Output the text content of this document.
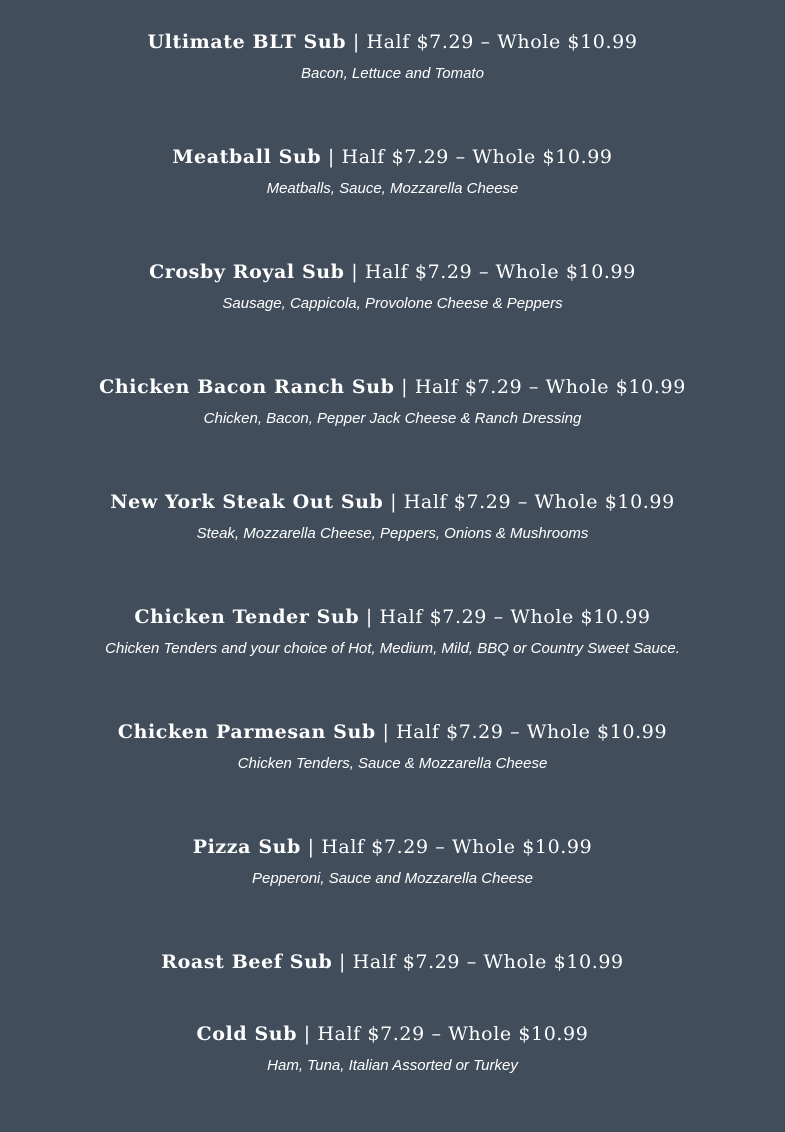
Ultimate BLT Sub | Half $7.29 – Whole $10.99
Bacon, Lettuce and Tomato
Meatball Sub | Half $7.29 – Whole $10.99
Meatballs, Sauce, Mozzarella Cheese
Crosby Royal Sub | Half $7.29 – Whole $10.99
Sausage, Cappicola, Provolone Cheese & Peppers
Chicken Bacon Ranch Sub | Half $7.29 – Whole $10.99
Chicken, Bacon, Pepper Jack Cheese & Ranch Dressing
New York Steak Out Sub | Half $7.29 – Whole $10.99
Steak, Mozzarella Cheese, Peppers, Onions & Mushrooms
Chicken Tender Sub | Half $7.29 – Whole $10.99
Chicken Tenders and your choice of Hot, Medium, Mild, BBQ or Country Sweet Sauce.
Chicken Parmesan Sub | Half $7.29 – Whole $10.99
Chicken Tenders, Sauce & Mozzarella Cheese
Pizza Sub | Half $7.29 – Whole $10.99
Pepperoni, Sauce and Mozzarella Cheese
Roast Beef Sub | Half $7.29 – Whole $10.99
Cold Sub | Half $7.29 – Whole $10.99
Ham, Tuna, Italian Assorted or Turkey
